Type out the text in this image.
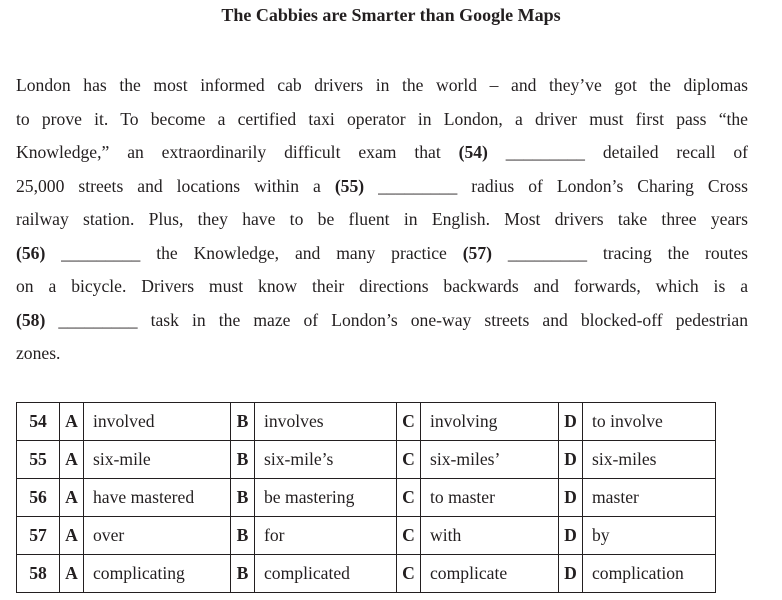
The Cabbies are Smarter than Google Maps
London has the most informed cab drivers in the world – and they’ve got the diplomas
to prove it. To become a certified taxi operator in London, a driver must first pass “the
Knowledge,” an extraordinarily difficult exam that (54) _________ detailed recall of
25,000 streets and locations within a (55) _________ radius of London’s Charing Cross
railway station. Plus, they have to be fluent in English. Most drivers take three years
(56) _________ the Knowledge, and many practice (57) _________ tracing the routes
on a bicycle. Drivers must know their directions backwards and forwards, which is a
(58) _________ task in the maze of London’s one-way streets and blocked-off pedestrian
zones.
54	A	involved	B	involves	C	involving	D	to involve
55	A	six-mile	B	six-mile’s	C	six-miles’	D	six-miles
56	A	have mastered	B	be mastering	C	to master	D	master
57	A	over	B	for	C	with	D	by
58	A	complicating	B	complicated	C	complicate	D	complication
